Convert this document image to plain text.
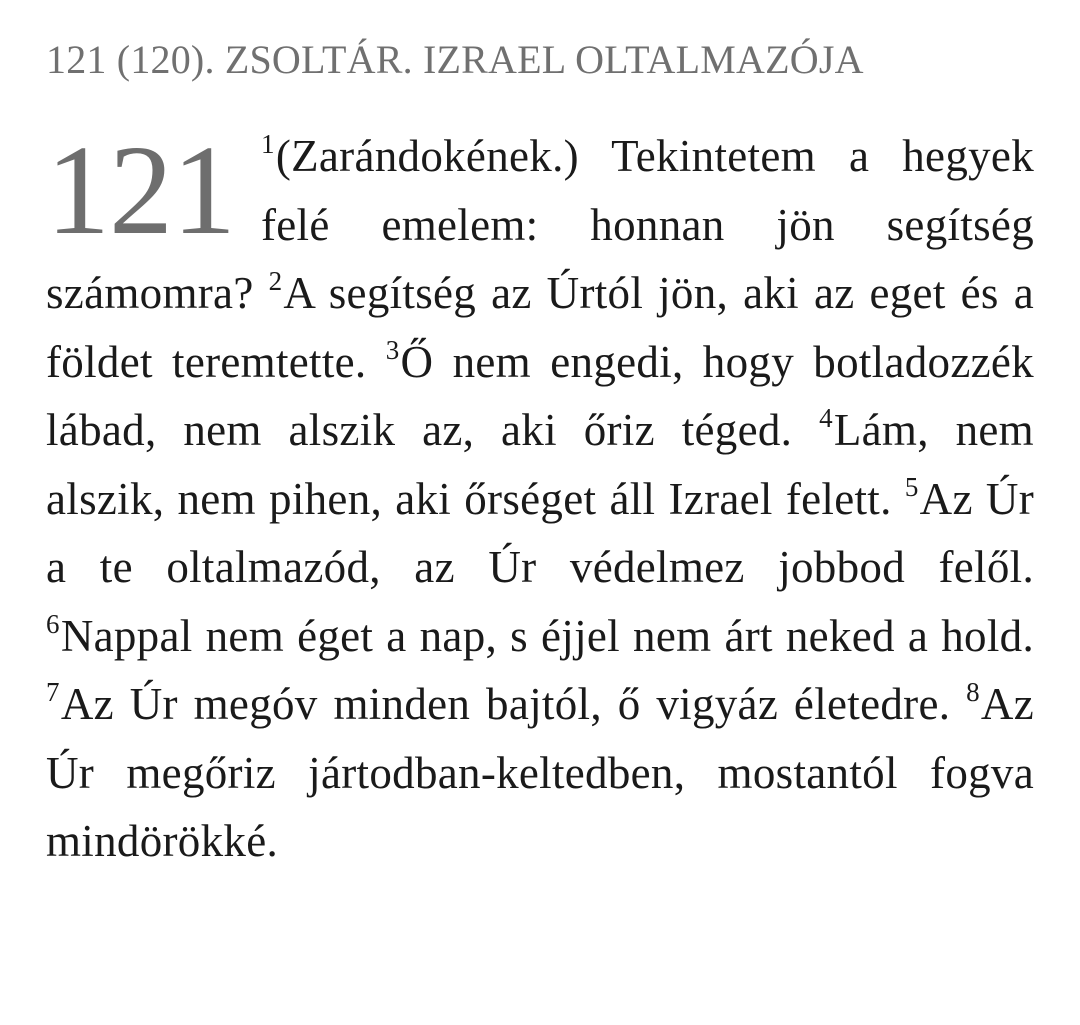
121 (120). ZSOLTÁR. IZRAEL OLTALMAZÓJA
121 $^1$(Zarándokének.) Tekintetem a hegyek felé emelem: honnan jön segítség számomra? $^2$A segítség az Úrtól jön, aki az eget és a földet teremtette. $^3$Ő nem engedi, hogy botladozzék lábad, nem alszik az, aki őriz téged. $^4$Lám, nem alszik, nem pihen, aki őrséget áll Izrael felett. $^5$Az Úr a te oltalmazód, az Úr védelmez jobbod felől. $^6$Nappal nem éget a nap, s éjjel nem árt neked a hold. $^7$Az Úr megóv minden bajtól, ő vigyáz életedre. $^8$Az Úr megőriz jártodban-keltedben, mostantól fogva mindörökké.
